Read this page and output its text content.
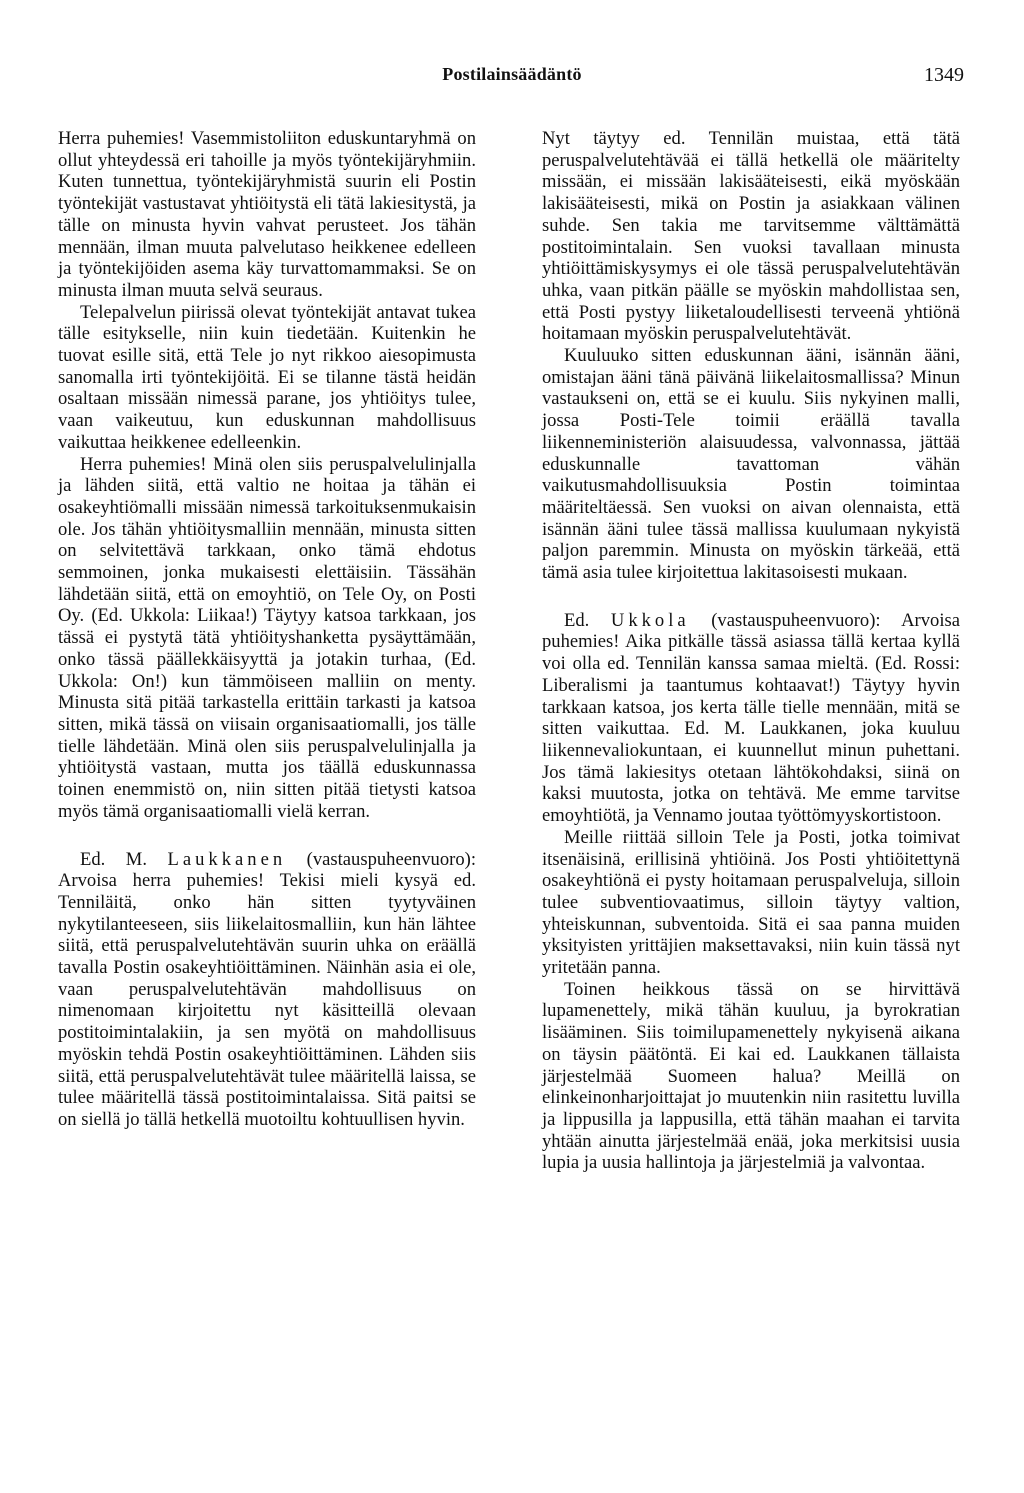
Postilainsäädäntö	1349

Herra puhemies! Vasemmistoliiton eduskuntaryhmä on ollut yhteydessä eri tahoille ja myös työntekijäryhmiin. Kuten tunnettua, työntekijäryhmistä suurin eli Postin työntekijät vastustavat yhtiöitystä eli tätä lakiesitystä, ja tälle on minusta hyvin vahvat perusteet. Jos tähän mennään, ilman muuta palvelutaso heikkenee edelleen ja työntekijöiden asema käy turvattomammaksi. Se on minusta ilman muuta selvä seuraus.

Telepalvelun piirissä olevat työntekijät antavat tukea tälle esitykselle, niin kuin tiedetään. Kuitenkin he tuovat esille sitä, että Tele jo nyt rikkoo aiesopimusta sanomalla irti työntekijöitä. Ei se tilanne tästä heidän osaltaan missään nimessä parane, jos yhtiöitys tulee, vaan vaikeutuu, kun eduskunnan mahdollisuus vaikuttaa heikkenee edelleenkin.

Herra puhemies! Minä olen siis peruspalvelulinjalla ja lähden siitä, että valtio ne hoitaa ja tähän ei osakeyhtiömalli missään nimessä tarkoituksenmukaisin ole. Jos tähän yhtiöitysmalliin mennään, minusta sitten on selvitettävä tarkkaan, onko tämä ehdotus semmoinen, jonka mukaisesti elettäisiin. Tässähän lähdetään siitä, että on emoyhtiö, on Tele Oy, on Posti Oy. (Ed. Ukkola: Liikaa!) Täytyy katsoa tarkkaan, jos tässä ei pystytä tätä yhtiöityshanketta pysäyttämään, onko tässä päällekkäisyyttä ja jotakin turhaa, (Ed. Ukkola: On!) kun tämmöiseen malliin on menty. Minusta sitä pitää tarkastella erittäin tarkasti ja katsoa sitten, mikä tässä on viisain organisaatiomalli, jos tälle tielle lähdetään. Minä olen siis peruspalvelulinjalla ja yhtiöitystä vastaan, mutta jos täällä eduskunnassa toinen enemmistö on, niin sitten pitää tietysti katsoa myös tämä organisaatiomalli vielä kerran.

Ed. M. Laukkanen (vastauspuheenvuoro): Arvoisa herra puhemies! Tekisi mieli kysyä ed. Tenniläitä, onko hän sitten tyytyväinen nykytilanteeseen, siis liikelaitosmalliin, kun hän lähtee siitä, että peruspalvelutehtävän suurin uhka on eräällä tavalla Postin osakeyhtiöittäminen. Näinhän asia ei ole, vaan peruspalvelutehtävän mahdollisuus on nimenomaan kirjoitettu nyt käsitteillä olevaan postitoimintalakiin, ja sen myötä on mahdollisuus myöskin tehdä Postin osakeyhtiöittäminen. Lähden siis siitä, että peruspalvelutehtävät tulee määritellä laissa, se tulee määritellä tässä postitoimintalaissa. Sitä paitsi se on siellä jo tällä hetkellä muotoiltu kohtuullisen hyvin.

Nyt täytyy ed. Tennilän muistaa, että tätä peruspalvelutehtävää ei tällä hetkellä ole määritelty missään, ei missään lakisääteisesti, eikä myöskään lakisääteisesti, mikä on Postin ja asiakkaan välinen suhde. Sen takia me tarvitsemme välttämättä postitoimintalain. Sen vuoksi tavallaan minusta yhtiöittämiskysymys ei ole tässä peruspalvelutehtävän uhka, vaan pitkän päälle se myöskin mahdollistaa sen, että Posti pystyy liiketaloudellisesti terveenä yhtiönä hoitamaan myöskin peruspalvelutehtävät.

Kuuluuko sitten eduskunnan ääni, isännän ääni, omistajan ääni tänä päivänä liikelaitosmallissa? Minun vastaukseni on, että se ei kuulu. Siis nykyinen malli, jossa Posti-Tele toimii eräällä tavalla liikenneministeriön alaisuudessa, valvonnassa, jättää eduskunnalle tavattoman vähän vaikutusmahdollisuuksia Postin toimintaa määriteltäessä. Sen vuoksi on aivan olennaista, että isännän ääni tulee tässä mallissa kuulumaan nykyistä paljon paremmin. Minusta on myöskin tärkeää, että tämä asia tulee kirjoitettua lakitasoisesti mukaan.

Ed. Ukkola (vastauspuheenvuoro): Arvoisa puhemies! Aika pitkälle tässä asiassa tällä kertaa kyllä voi olla ed. Tennilän kanssa samaa mieltä. (Ed. Rossi: Liberalismi ja taantumus kohtaavat!) Täytyy hyvin tarkkaan katsoa, jos kerta tälle tielle mennään, mitä se sitten vaikuttaa. Ed. M. Laukkanen, joka kuuluu liikennevaliokuntaan, ei kuunnellut minun puhettani. Jos tämä lakiesitys otetaan lähtökohdaksi, siinä on kaksi muutosta, jotka on tehtävä. Me emme tarvitse emoyhtiötä, ja Vennamo joutaa työttömyyskortistoon.

Meille riittää silloin Tele ja Posti, jotka toimivat itsenäisinä, erillisinä yhtiöinä. Jos Posti yhtiöitettynä osakeyhtiönä ei pysty hoitamaan peruspalveluja, silloin tulee subventiovaatimus, silloin täytyy valtion, yhteiskunnan, subventoida. Sitä ei saa panna muiden yksityisten yrittäjien maksettavaksi, niin kuin tässä nyt yritetään panna.

Toinen heikkous tässä on se hirvittävä lupamenettely, mikä tähän kuuluu, ja byrokratian lisääminen. Siis toimilupamenettely nykyisenä aikana on täysin päätöntä. Ei kai ed. Laukkanen tällaista järjestelmää Suomeen halua? Meillä on elinkeinonharjoittajat jo muutenkin niin rasitettu luvilla ja lippusilla ja lappusilla, että tähän maahan ei tarvita yhtään ainutta järjestelmää enää, joka merkitsisi uusia lupia ja uusia hallintoja ja järjestelmiä ja valvontaa.
